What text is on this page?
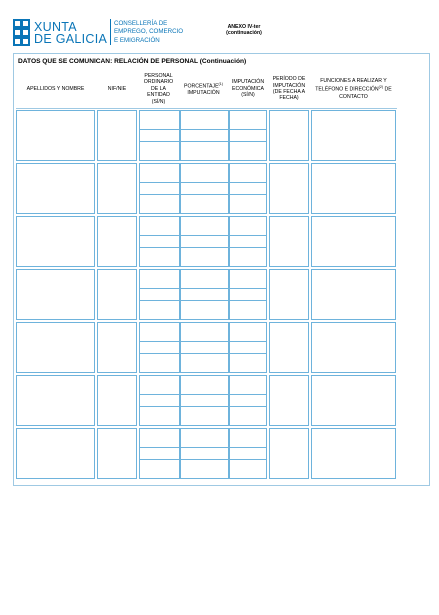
XUNTA
DE GALICIA
CONSELLERÍA DE
EMPREGO, COMERCIO
E EMIGRACIÓN
ANEXO IV-ter
(continuación)
DATOS QUE SE COMUNICAN: RELACIÓN DE PERSONAL (Continuación)
APELLIDOS Y NOMBRE	NIF/NIE
PERSONAL ORDINARIO DE LA ENTIDAD (SÍ/N)
PORCENTAJE$^{(1)}$ IMPUTACIÓN
IMPUTACIÓN ECONÓMICA (SÍ/N)
PERÍODO DE IMPUTACIÓN (DE FECHA A FECHA)
FUNCIONES A REALIZAR Y TELÉFONO E DIRECCIÓN$^{(2)}$ DE CONTACTO
